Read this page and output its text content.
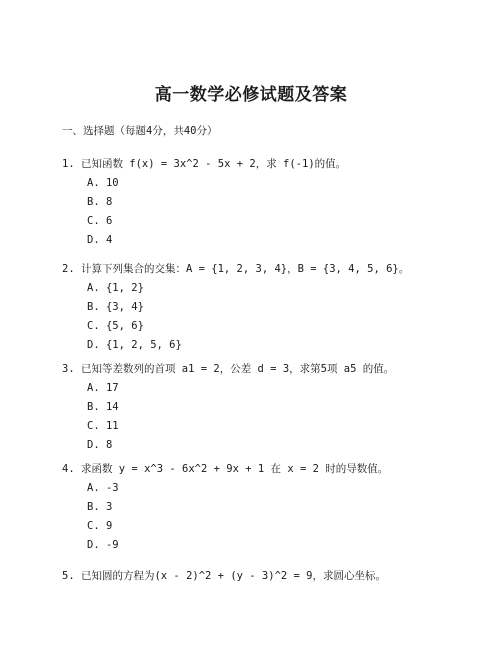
高一数学必修试题及答案
一、选择题（每题4分，共40分）
1. 已知函数 f(x) = 3x^2 - 5x + 2，求 f(-1)的值。
A. 10
B. 8
C. 6
D. 4
2. 计算下列集合的交集：A = {1, 2, 3, 4}，B = {3, 4, 5, 6}。
A. {1, 2}
B. {3, 4}
C. {5, 6}
D. {1, 2, 5, 6}
3. 已知等差数列的首项 a1 = 2，公差 d = 3，求第5项 a5 的值。
A. 17
B. 14
C. 11
D. 8
4. 求函数 y = x^3 - 6x^2 + 9x + 1 在 x = 2 时的导数值。
A. -3
B. 3
C. 9
D. -9
5. 已知圆的方程为(x - 2)^2 + (y - 3)^2 = 9，求圆心坐标。
